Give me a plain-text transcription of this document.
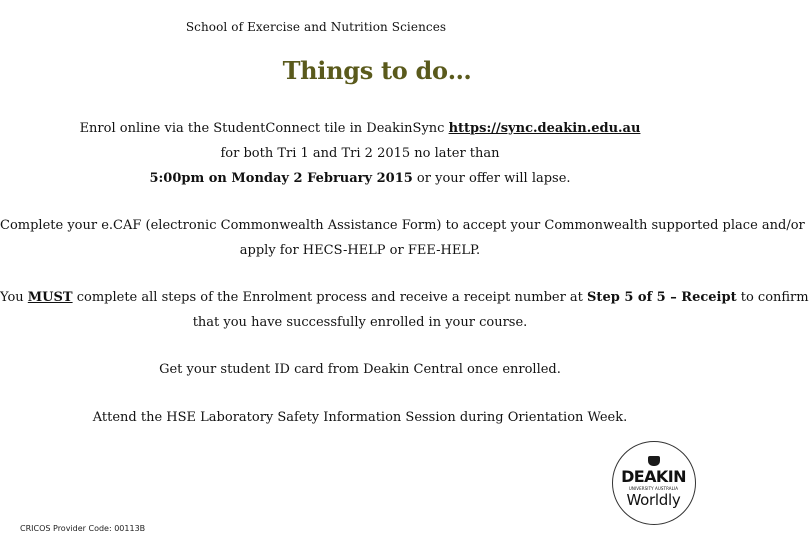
School of Exercise and Nutrition Sciences
Things to do…
Enrol online via the StudentConnect tile in DeakinSync https://sync.deakin.edu.au
for both Tri 1 and Tri 2 2015 no later than
5:00pm on Monday 2 February 2015 or your offer will lapse.
Complete your e.CAF (electronic Commonwealth Assistance Form) to accept your Commonwealth supported place and/or
apply for HECS-HELP or FEE-HELP.
You MUST complete all steps of the Enrolment process and receive a receipt number at Step 5 of 5 – Receipt to confirm
that you have successfully enrolled in your course.
Get your student ID card from Deakin Central once enrolled.
Attend the HSE Laboratory Safety Information Session during Orientation Week.
CRICOS Provider Code: 00113B
DEAKIN
UNIVERSITY AUSTRALIA
Worldly
